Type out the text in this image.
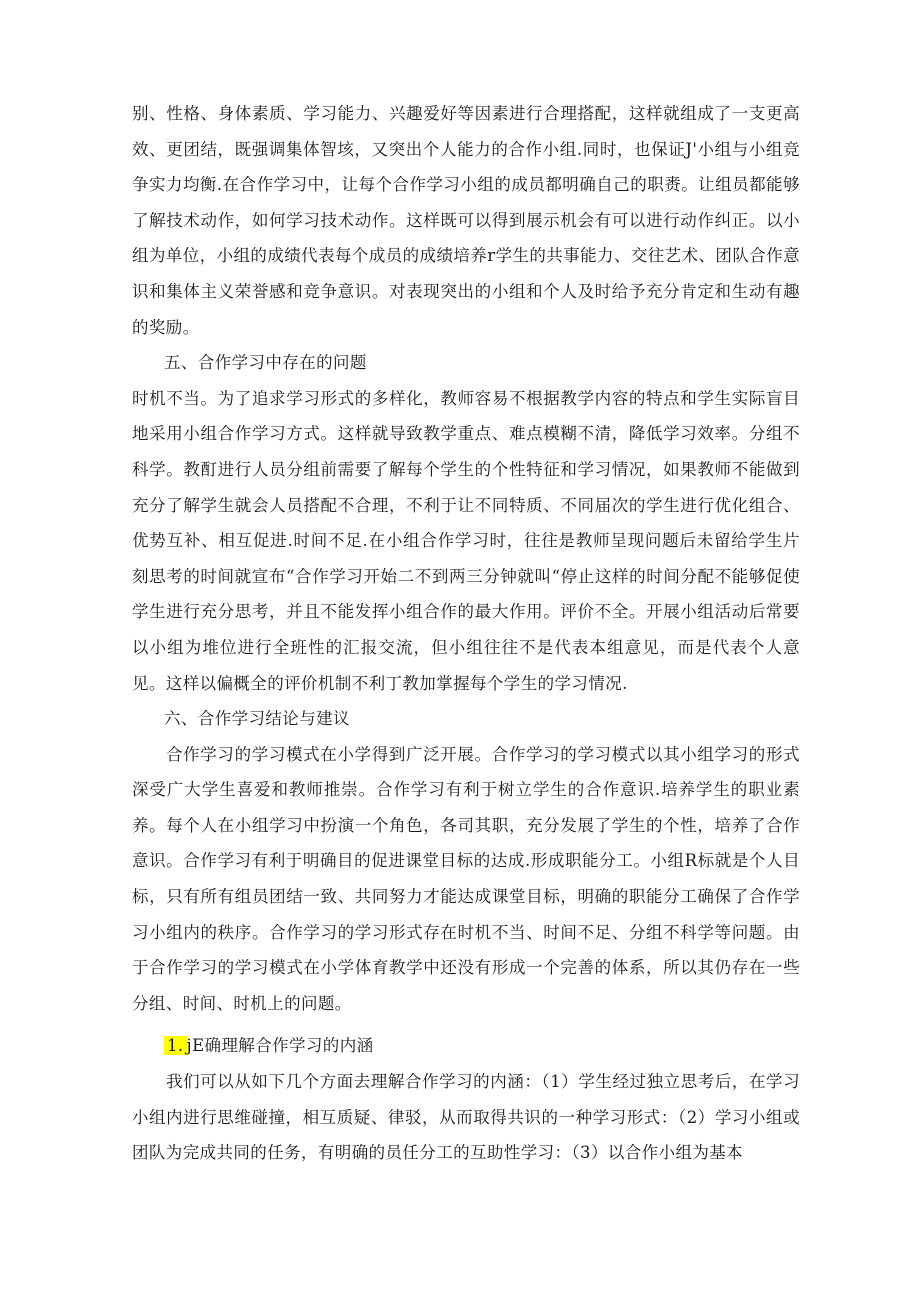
别、性格、身体素质、学习能力、兴趣爱好等因素进行合理搭配，这样就组成了一支更高效、更团结，既强调集体智垓，又突出个人能力的合作小组.同时，也保证J'小组与小组竞争实力均衡.在合作学习中，让每个合作学习小组的成员都明确自己的职赉。让组员都能够了解技术动作，如何学习技术动作。这样既可以得到展示机会有可以进行动作纠正。以小组为单位，小组的成绩代表每个成员的成绩培养r学生的共事能力、交往艺术、团队合作意识和集体主义荣誉感和竞争意识。对表现突出的小组和个人及时给予充分肯定和生动有趣的奖励。

五、合作学习中存在的问题

时机不当。为了追求学习形式的多样化，教师容易不根据教学内容的特点和学生实际盲目地采用小组合作学习方式。这样就导致教学重点、难点模糊不清，降低学习效率。分组不科学。教酊进行人员分组前需要了解每个学生的个性特征和学习情况，如果教师不能做到充分了解学生就会人员搭配不合理，不利于让不同特质、不同届次的学生进行优化组合、优势互补、相互促进.时间不足.在小组合作学习时，往往是教师呈现问题后未留给学生片刻思考的时间就宣布“合作学习开始二不到两三分钟就叫“停止这样的时间分配不能够促使学生进行充分思考，并且不能发挥小组合作的最大作用。评价不全。开展小组活动后常要以小组为堆位进行全班性的汇报交流，但小组往往不是代表本组意见，而是代表个人意见。这样以偏概全的评价机制不利丁教加掌握每个学生的学习情况.

六、合作学习结论与建议

合作学习的学习模式在小学得到广泛开展。合作学习的学习模式以其小组学习的形式深受广大学生喜爱和教师推崇。合作学习有利于树立学生的合作意识.培养学生的职业素养。每个人在小组学习中扮演一个角色，各司其职，充分发展了学生的个性，培养了合作意识。合作学习有利于明确目的促进课堂目标的达成.形成职能分工。小组R标就是个人目标，只有所有组员团结一致、共同努力才能达成课堂目标，明确的职能分工确保了合作学习小组内的秩序。合作学习的学习形式存在时机不当、时间不足、分组不科学等问题。由于合作学习的学习模式在小学体育教学中还没有形成一个完善的体系，所以其仍存在一些分组、时间、时机上的问题。

1. jE确理解合作学习的内涵

我们可以从如下几个方面去理解合作学习的内涵：（1）学生经过独立思考后，在学习小组内进行思维碰撞，相互质疑、律驳，从而取得共识的一种学习形式：（2）学习小组或团队为完成共同的任务，有明确的员任分工的互助性学习：（3）以合作小组为基本
